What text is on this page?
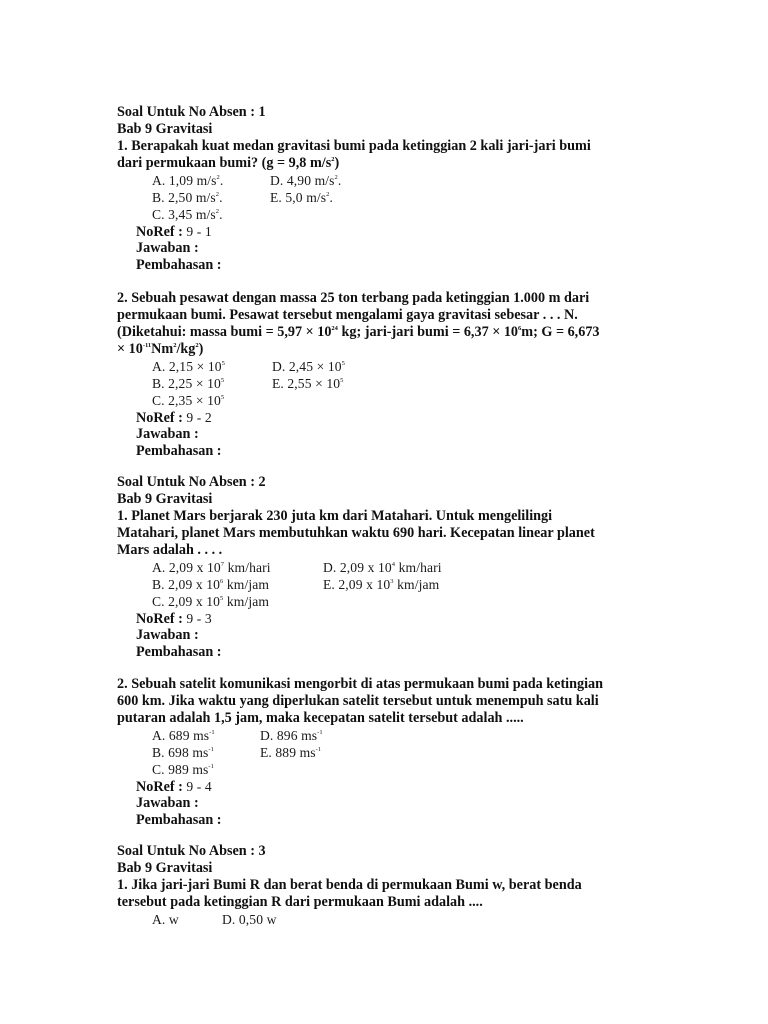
Soal Untuk No Absen : 1
Bab 9 Gravitasi
1. Berapakah kuat medan gravitasi bumi pada ketinggian 2 kali jari-jari bumi
dari permukaan bumi? (g = 9,8 $m/s^2$)
A. 1,09 $m/s^2$.	D. 4,90 $m/s^2$.
B. 2,50 $m/s^2$.	E. 5,0 $m/s^2$.
C. 3,45 $m/s^2$.
NoRef : 9 - 1
Jawaban :
Pembahasan :
2. Sebuah pesawat dengan massa 25 ton terbang pada ketinggian 1.000 m dari
permukaan bumi. Pesawat tersebut mengalami gaya gravitasi sebesar . . . N.
(Diketahui: massa bumi = $5,97 \times 10^{24}$ kg; jari-jari bumi = $6,37 \times 10^6m$; G = 6,673
× $10^{-11}Nm^2/kg^2$)
A. $2,15 \times 10^5$	D. $2,45 \times 10^5$
B. $2,25 \times 10^5$	E. $2,55 \times 10^5$
C. $2,35 \times 10^5$
NoRef : 9 - 2
Jawaban :
Pembahasan :
Soal Untuk No Absen : 2
Bab 9 Gravitasi
1. Planet Mars berjarak 230 juta km dari Matahari. Untuk mengelilingi
Matahari, planet Mars membutuhkan waktu 690 hari. Kecepatan linear planet
Mars adalah . . . .
A. 2,09 x $10^7$ km/hari	D. 2,09 x $10^4$ km/hari
B. 2,09 x $10^6$ km/jam	E. 2,09 x $10^3$ km/jam
C. 2,09 x $10^5$ km/jam
NoRef : 9 - 3
Jawaban :
Pembahasan :
2. Sebuah satelit komunikasi mengorbit di atas permukaan bumi pada ketingian
600 km. Jika waktu yang diperlukan satelit tersebut untuk menempuh satu kali
putaran adalah 1,5 jam, maka kecepatan satelit tersebut adalah .....
A. 689 $ms^{-1}$	D. 896 $ms^{-1}$
B. 698 $ms^{-1}$	E. 889 $ms^{-1}$
C. 989 $ms^{-1}$
NoRef : 9 - 4
Jawaban :
Pembahasan :
Soal Untuk No Absen : 3
Bab 9 Gravitasi
1. Jika jari-jari Bumi R dan berat benda di permukaan Bumi w, berat benda
tersebut pada ketinggian R dari permukaan Bumi adalah ....
A. w	D. 0,50 w
